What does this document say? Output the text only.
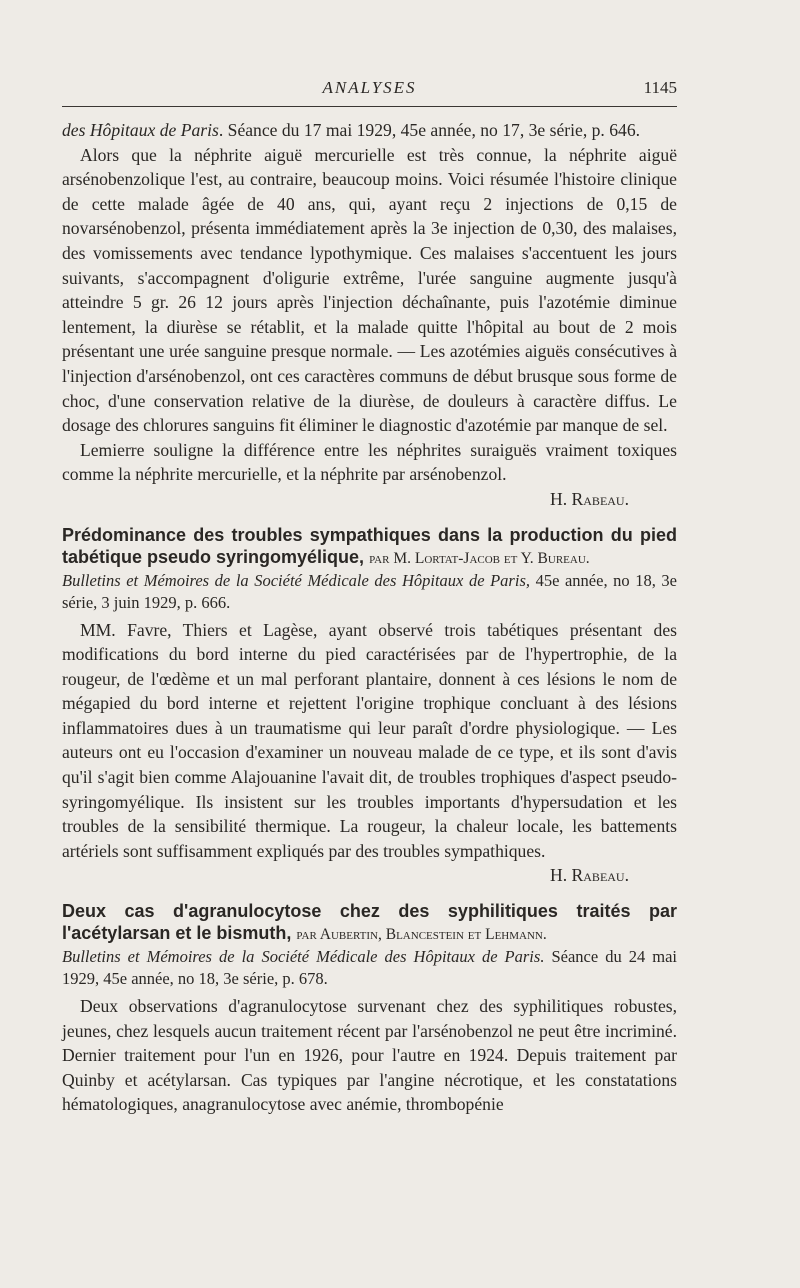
ANALYSES	1145

des Hôpitaux de Paris. Séance du 17 mai 1929, 45e année, no 17, 3e série, p. 646.

Alors que la néphrite aiguë mercurielle est très connue, la néphrite aiguë arsénobenzolique l'est, au contraire, beaucoup moins. Voici résumée l'histoire clinique de cette malade âgée de 40 ans, qui, ayant reçu 2 injections de 0,15 de novarsénobenzol, présenta immédiatement après la 3e injection de 0,30, des malaises, des vomissements avec tendance lypothymique. Ces malaises s'accentuent les jours suivants, s'accompagnent d'oligurie extrême, l'urée sanguine augmente jusqu'à atteindre 5 gr. 26 12 jours après l'injection déchaînante, puis l'azotémie diminue lentement, la diurèse se rétablit, et la malade quitte l'hôpital au bout de 2 mois présentant une urée sanguine presque normale. — Les azotémies aiguës consécutives à l'injection d'arsénobenzol, ont ces caractères communs de début brusque sous forme de choc, d'une conservation relative de la diurèse, de douleurs à caractère diffus. Le dosage des chlorures sanguins fit éliminer le diagnostic d'azotémie par manque de sel.

Lemierre souligne la différence entre les néphrites suraiguës vraiment toxiques comme la néphrite mercurielle, et la néphrite par arsénobenzol.

H. Rabeau.

Prédominance des troubles sympathiques dans la production du pied tabétique pseudo syringomyélique, par M. Lortat-Jacob et Y. Bureau.
Bulletins et Mémoires de la Société Médicale des Hôpitaux de Paris, 45e année, no 18, 3e série, 3 juin 1929, p. 666.

MM. Favre, Thiers et Lagèse, ayant observé trois tabétiques présentant des modifications du bord interne du pied caractérisées par de l'hypertrophie, de la rougeur, de l'œdème et un mal perforant plantaire, donnent à ces lésions le nom de mégapied du bord interne et rejettent l'origine trophique concluant à des lésions inflammatoires dues à un traumatisme qui leur paraît d'ordre physiologique. — Les auteurs ont eu l'occasion d'examiner un nouveau malade de ce type, et ils sont d'avis qu'il s'agit bien comme Alajouanine l'avait dit, de troubles trophiques d'aspect pseudo-syringomyélique. Ils insistent sur les troubles importants d'hypersudation et les troubles de la sensibilité thermique. La rougeur, la chaleur locale, les battements artériels sont suffisamment expliqués par des troubles sympathiques.

H. Rabeau.

Deux cas d'agranulocytose chez des syphilitiques traités par l'acétylarsan et le bismuth, par Aubertin, Blancestein et Lehmann.
Bulletins et Mémoires de la Société Médicale des Hôpitaux de Paris. Séance du 24 mai 1929, 45e année, no 18, 3e série, p. 678.

Deux observations d'agranulocytose survenant chez des syphilitiques robustes, jeunes, chez lesquels aucun traitement récent par l'arsénobenzol ne peut être incriminé. Dernier traitement pour l'un en 1926, pour l'autre en 1924. Depuis traitement par Quinby et acétylarsan. Cas typiques par l'angine nécrotique, et les constatations hématologiques, anagranulocytose avec anémie, thrombopénie
